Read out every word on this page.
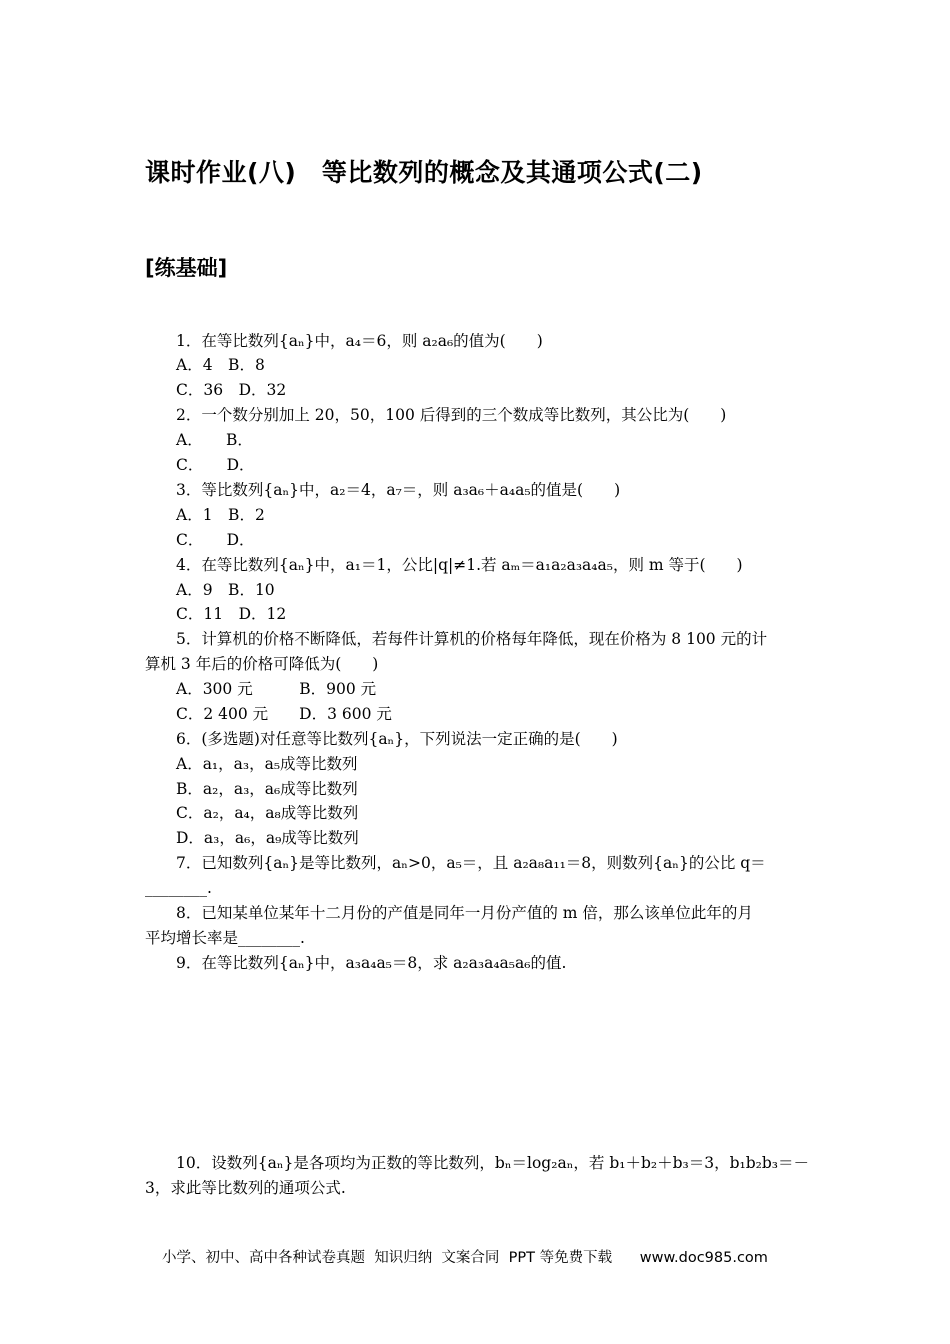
课时作业(八)　等比数列的概念及其通项公式(二)
[练基础]
1．在等比数列{aₙ}中，a₄＝6，则 a₂a₆的值为(　　)
A．4　B．8
C．36　D．32
2．一个数分别加上 20，50，100 后得到的三个数成等比数列，其公比为(　　)
A．　　B．
C．　　D．
3．等比数列{aₙ}中，a₂＝4，a₇＝，则 a₃a₆＋a₄a₅的值是(　　)
A．1　B．2
C．　　D．
4．在等比数列{aₙ}中，a₁＝1，公比|q|≠1.若 aₘ＝a₁a₂a₃a₄a₅，则 m 等于(　　)
A．9　B．10
C．11　D．12
5．计算机的价格不断降低，若每件计算机的价格每年降低，现在价格为 8 100 元的计
算机 3 年后的价格可降低为(　　)
A．300 元　　　B．900 元
C．2 400 元　　D．3 600 元
6．(多选题)对任意等比数列{aₙ}，下列说法一定正确的是(　　)
A．a₁，a₃，a₅成等比数列
B．a₂，a₃，a₆成等比数列
C．a₂，a₄，a₈成等比数列
D．a₃，a₆，a₉成等比数列
7．已知数列{aₙ}是等比数列，aₙ>0，a₅＝，且 a₂a₈a₁₁＝8，则数列{aₙ}的公比 q＝
________.
8．已知某单位某年十二月份的产值是同年一月份产值的 m 倍，那么该单位此年的月
平均增长率是________.
9．在等比数列{aₙ}中，a₃a₄a₅＝8，求 a₂a₃a₄a₅a₆的值.
10．设数列{aₙ}是各项均为正数的等比数列，bₙ＝log₂aₙ，若 b₁＋b₂＋b₃＝3，b₁b₂b₃＝－
3，求此等比数列的通项公式.
小学、初中、高中各种试卷真题  知识归纳  文案合同  PPT 等免费下载      www.doc985.com
